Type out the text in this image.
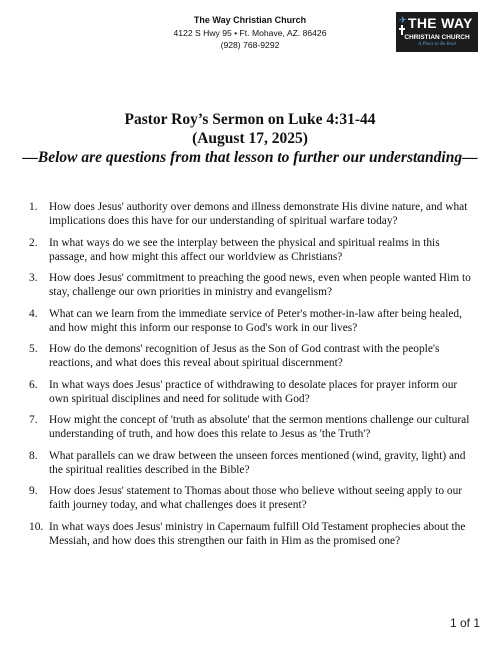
The Way Christian Church
4122 S Hwy 95 • Ft. Mohave, AZ. 86426
(928) 768-9292
✈ THE WAY
CHRISTIAN CHURCH
A Place to Be Real
Pastor Roy’s Sermon on Luke 4:31-44
(August 17, 2025)
—Below are questions from that lesson to further our understanding—
1. How does Jesus' authority over demons and illness demonstrate His divine nature, and what implications does this have for our understanding of spiritual warfare today?
2. In what ways do we see the interplay between the physical and spiritual realms in this passage, and how might this affect our worldview as Christians?
3. How does Jesus' commitment to preaching the good news, even when people wanted Him to stay, challenge our own priorities in ministry and evangelism?
4. What can we learn from the immediate service of Peter's mother-in-law after being healed, and how might this inform our response to God's work in our lives?
5. How do the demons' recognition of Jesus as the Son of God contrast with the people's reactions, and what does this reveal about spiritual discernment?
6. In what ways does Jesus' practice of withdrawing to desolate places for prayer inform our own spiritual disciplines and need for solitude with God?
7. How might the concept of 'truth as absolute' that the sermon mentions challenge our cultural understanding of truth, and how does this relate to Jesus as 'the Truth'?
8. What parallels can we draw between the unseen forces mentioned (wind, gravity, light) and the spiritual realities described in the Bible?
9. How does Jesus' statement to Thomas about those who believe without seeing apply to our faith journey today, and what challenges does it present?
10. In what ways does Jesus' ministry in Capernaum fulfill Old Testament prophecies about the Messiah, and how does this strengthen our faith in Him as the promised one?
1 of 1
